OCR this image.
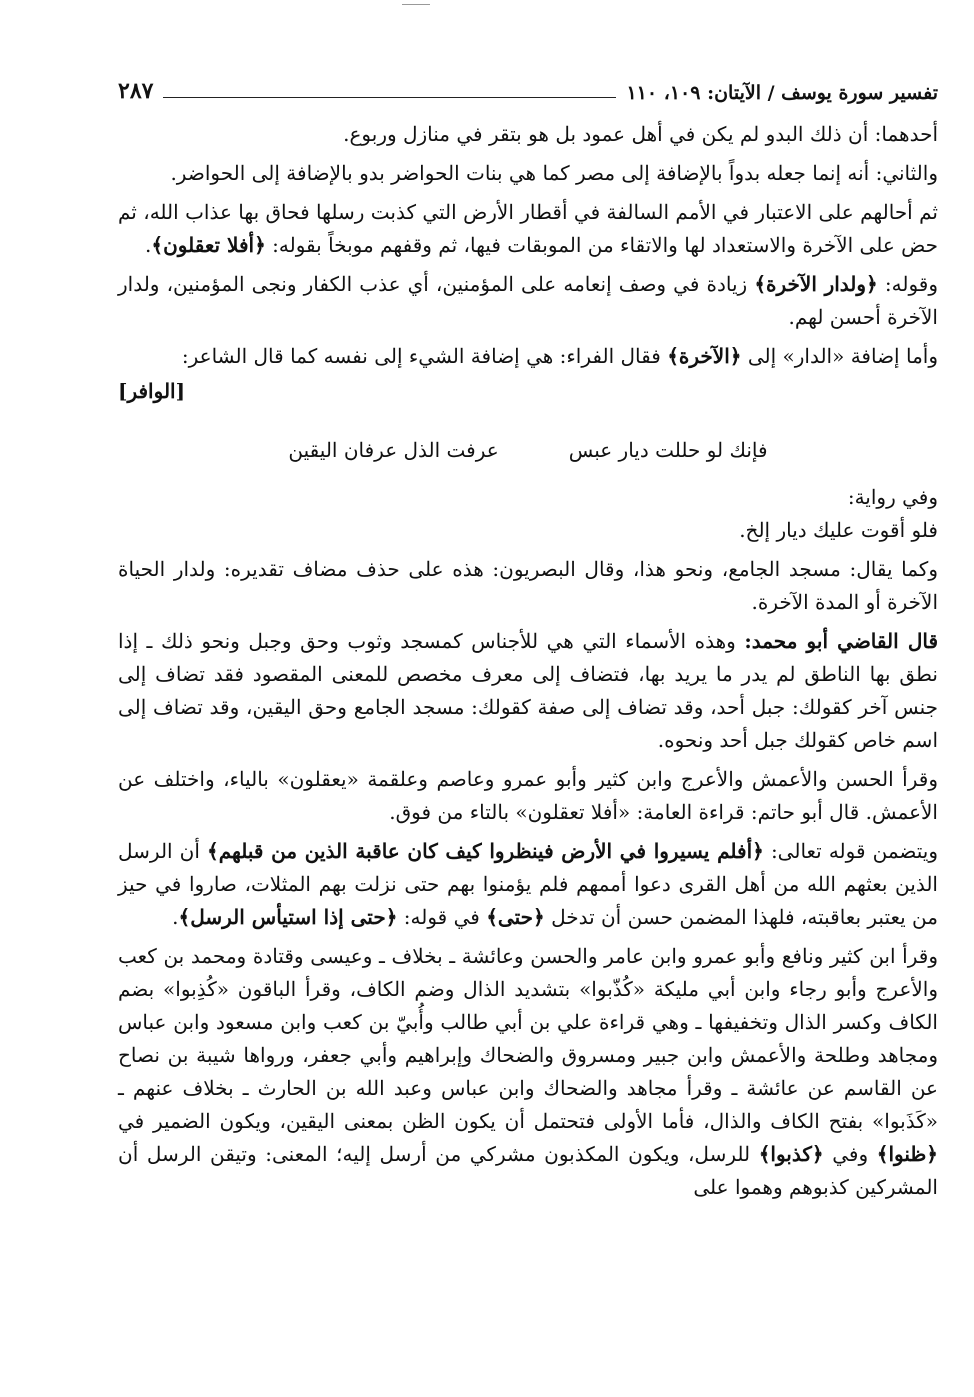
تفسير سورة يوسف / الآيتان: ١٠٩، ١١٠
٢٨٧

أحدهما: أن ذلك البدو لم يكن في أهل عمود بل هو بتقر في منازل وربوع.

والثاني: أنه إنما جعله بدواً بالإضافة إلى مصر كما هي بنات الحواضر بدو بالإضافة إلى الحواضر.

ثم أحالهم على الاعتبار في الأمم السالفة في أقطار الأرض التي كذبت رسلها فحاق بها عذاب الله، ثم حض على الآخرة والاستعداد لها والاتقاء من الموبقات فيها، ثم وقفهم موبخاً بقوله: ﴿أفلا تعقلون﴾.

وقوله: ﴿ولدار الآخرة﴾ زيادة في وصف إنعامه على المؤمنين، أي عذب الكفار ونجى المؤمنين، ولدار الآخرة أحسن لهم.

وأما إضافة «الدار» إلى ﴿الآخرة﴾ فقال الفراء: هي إضافة الشيء إلى نفسه كما قال الشاعر:

[الوافر]
فإنك لو حللت ديار عبس
عرفت الذل عرفان اليقين

وفي رواية:

فلو أقوت عليك ديار إلخ.

وكما يقال: مسجد الجامع، ونحو هذا، وقال البصريون: هذه على حذف مضاف تقديره: ولدار الحياة الآخرة أو المدة الآخرة.

قال القاضي أبو محمد: وهذه الأسماء التي هي للأجناس كمسجد وثوب وحق وجبل ونحو ذلك ـ إذا نطق بها الناطق لم يدر ما يريد بها، فتضاف إلى معرف مخصص للمعنى المقصود فقد تضاف إلى جنس آخر كقولك: جبل أحد، وقد تضاف إلى صفة كقولك: مسجد الجامع وحق اليقين، وقد تضاف إلى اسم خاص كقولك جبل أحد ونحوه.

وقرأ الحسن والأعمش والأعرج وابن كثير وأبو عمرو وعاصم وعلقمة «يعقلون» بالياء، واختلف عن الأعمش. قال أبو حاتم: قراءة العامة: «أفلا تعقلون» بالتاء من فوق.

ويتضمن قوله تعالى: ﴿أفلم يسيروا في الأرض فينظروا كيف كان عاقبة الذين من قبلهم﴾ أن الرسل الذين بعثهم الله من أهل القرى دعوا أممهم فلم يؤمنوا بهم حتى نزلت بهم المثلات، صاروا في حيز من يعتبر بعاقبته، فلهذا المضمن حسن أن تدخل ﴿حتى﴾ في قوله: ﴿حتى إذا استيأس الرسل﴾.

وقرأ ابن كثير ونافع وأبو عمرو وابن عامر والحسن وعائشة ـ بخلاف ـ وعيسى وقتادة ومحمد بن كعب والأعرج وأبو رجاء وابن أبي مليكة «كُذّبوا» بتشديد الذال وضم الكاف، وقرأ الباقون «كُذِبوا» بضم الكاف وكسر الذال وتخفيفها ـ وهي قراءة علي بن أبي طالب وأُبيّ بن كعب وابن مسعود وابن عباس ومجاهد وطلحة والأعمش وابن جبير ومسروق والضحاك وإبراهيم وأبي جعفر، ورواها شيبة بن نصاح عن القاسم عن عائشة ـ وقرأ مجاهد والضحاك وابن عباس وعبد الله بن الحارث ـ بخلاف عنهم ـ «كَذَبوا» بفتح الكاف والذال، فأما الأولى فتحتمل أن يكون الظن بمعنى اليقين، ويكون الضمير في ﴿ظنوا﴾ وفي ﴿كذبوا﴾ للرسل، ويكون المكذبون مشركي من أرسل إليه؛ المعنى: وتيقن الرسل أن المشركين كذبوهم وهموا على
